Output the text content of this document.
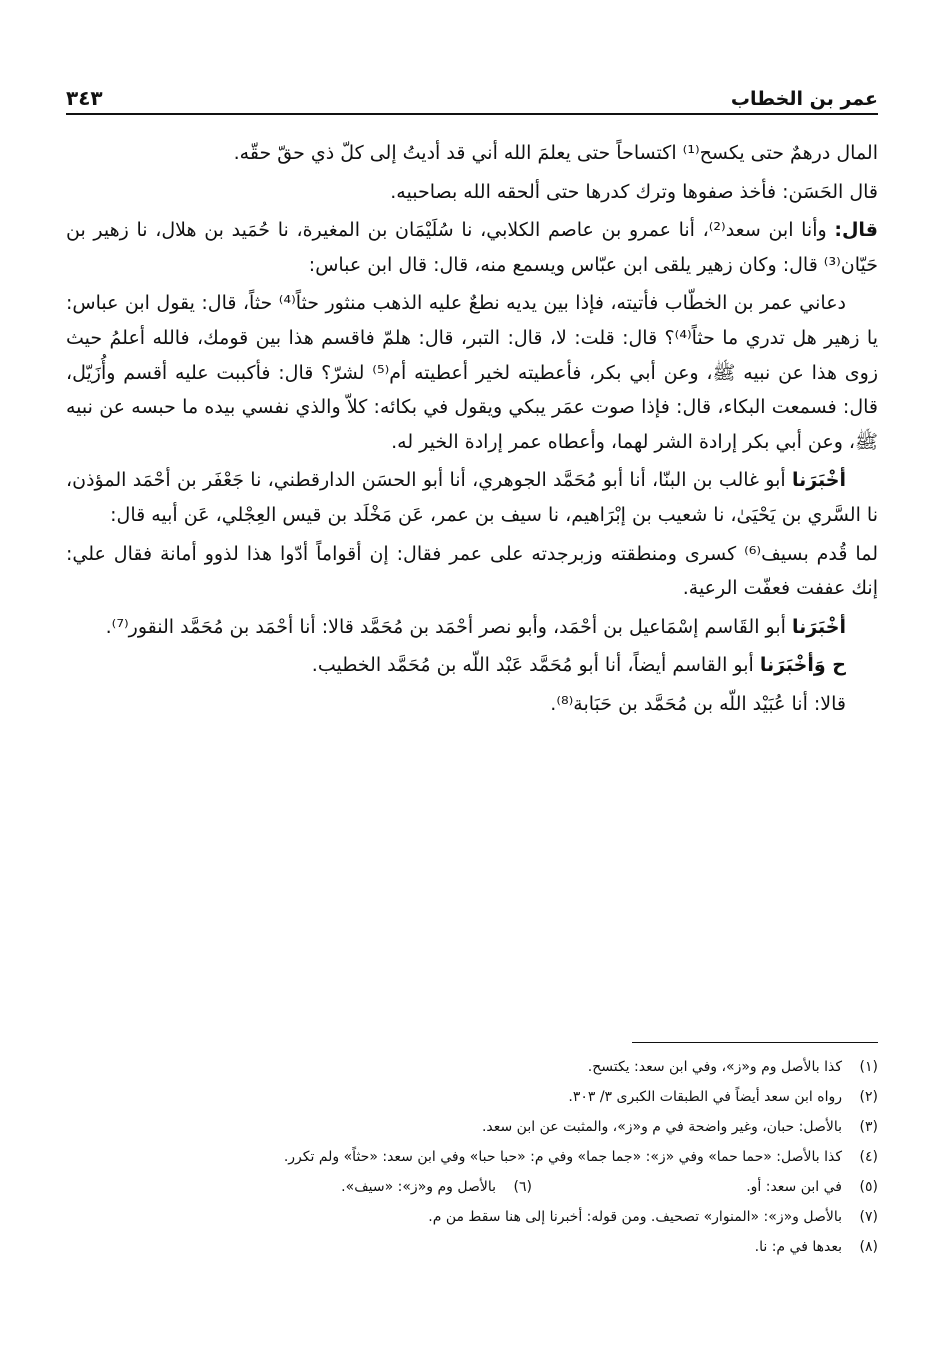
عمر بن الخطاب
٣٤٣

المال درهمٌ حتى يكسح⁽¹⁾ اكتساحاً حتى يعلمَ الله أني قد أديتُ إلى كلّ ذي حقّ حقّه.

قال الحَسَن: فأخذ صفوها وترك كدرها حتى ألحقه الله بصاحبيه.

قال: وأنا ابن سعد⁽²⁾، أنا عمرو بن عاصم الكلابي، نا سُلَيْمَان بن المغيرة، نا حُمَيد بن هلال، نا زهير بن حَيّان⁽³⁾ قال: وكان زهير يلقى ابن عبّاس ويسمع منه، قال: قال ابن عباس:

دعاني عمر بن الخطّاب فأتيته، فإذا بين يديه نطعٌ عليه الذهب منثور حثاً⁽⁴⁾ حثاً، قال: يقول ابن عباس: يا زهير هل تدري ما حثاً⁽⁴⁾؟ قال: قلت: لا، قال: التبر، قال: هلمّ فاقسم هذا بين قومك، فالله أعلمُ حيث زوى هذا عن نبيه ﷺ، وعن أبي بكر، فأعطيته لخير أعطيته أم⁽⁵⁾ لشرّ؟ قال: فأكببت عليه أقسم وأُزَيّل، قال: فسمعت البكاء، قال: فإذا صوت عمَر يبكي ويقول في بكائه: كلاّ والذي نفسي بيده ما حبسه عن نبيه ﷺ، وعن أبي بكر إرادة الشر لهما، وأعطاه عمر إرادة الخير له.

أخْبَرَنا أبو غالب بن البنّا، أنا أبو مُحَمَّد الجوهري، أنا أبو الحسَن الدارقطني، نا جَعْفَر بن أحْمَد المؤذن، نا السَّري بن يَحْيَىٰ، نا شعيب بن إبْرَاهيم، نا سيف بن عمر، عَن مَخْلَد بن قيس العِجْلي، عَن أبيه قال:

لما قُدم بسيف⁽⁶⁾ كسرى ومنطقته وزبرجدته على عمر فقال: إن أقواماً أدّوا هذا لذوو أمانة فقال علي: إنك عففت فعفّت الرعية.

أخْبَرَنا أبو القَاسم إسْمَاعيل بن أحْمَد، وأبو نصر أحْمَد بن مُحَمَّد قالا: أنا أحْمَد بن مُحَمَّد النقور⁽⁷⁾.

ح وَأخْبَرَنا أبو القاسم أيضاً، أنا أبو مُحَمَّد عَبْد اللّه بن مُحَمَّد الخطيب.

قالا: أنا عُبَيْد اللّه بن مُحَمَّد بن حَبَابة⁽⁸⁾.

(١)
كذا بالأصل وم و«ز»، وفي ابن سعد: يكتسح.
(٢)
رواه ابن سعد أيضاً في الطبقات الكبرى ٣/ ٣٠٣.
(٣)
بالأصل: حبان، وغير واضحة في م و«ز»، والمثبت عن ابن سعد.
(٤)
كذا بالأصل: «حما حما» وفي «ز»: «جما جما» وفي م: «حبا حبا» وفي ابن سعد: «حثاً» ولم تكرر.
(٥)
في ابن سعد: أو.
(٦)
بالأصل وم و«ز»: «سيف».
(٧)
بالأصل و«ز»: «المنوار» تصحيف. ومن قوله: أخبرنا إلى هنا سقط من م.
(٨)
بعدها في م: نا.
